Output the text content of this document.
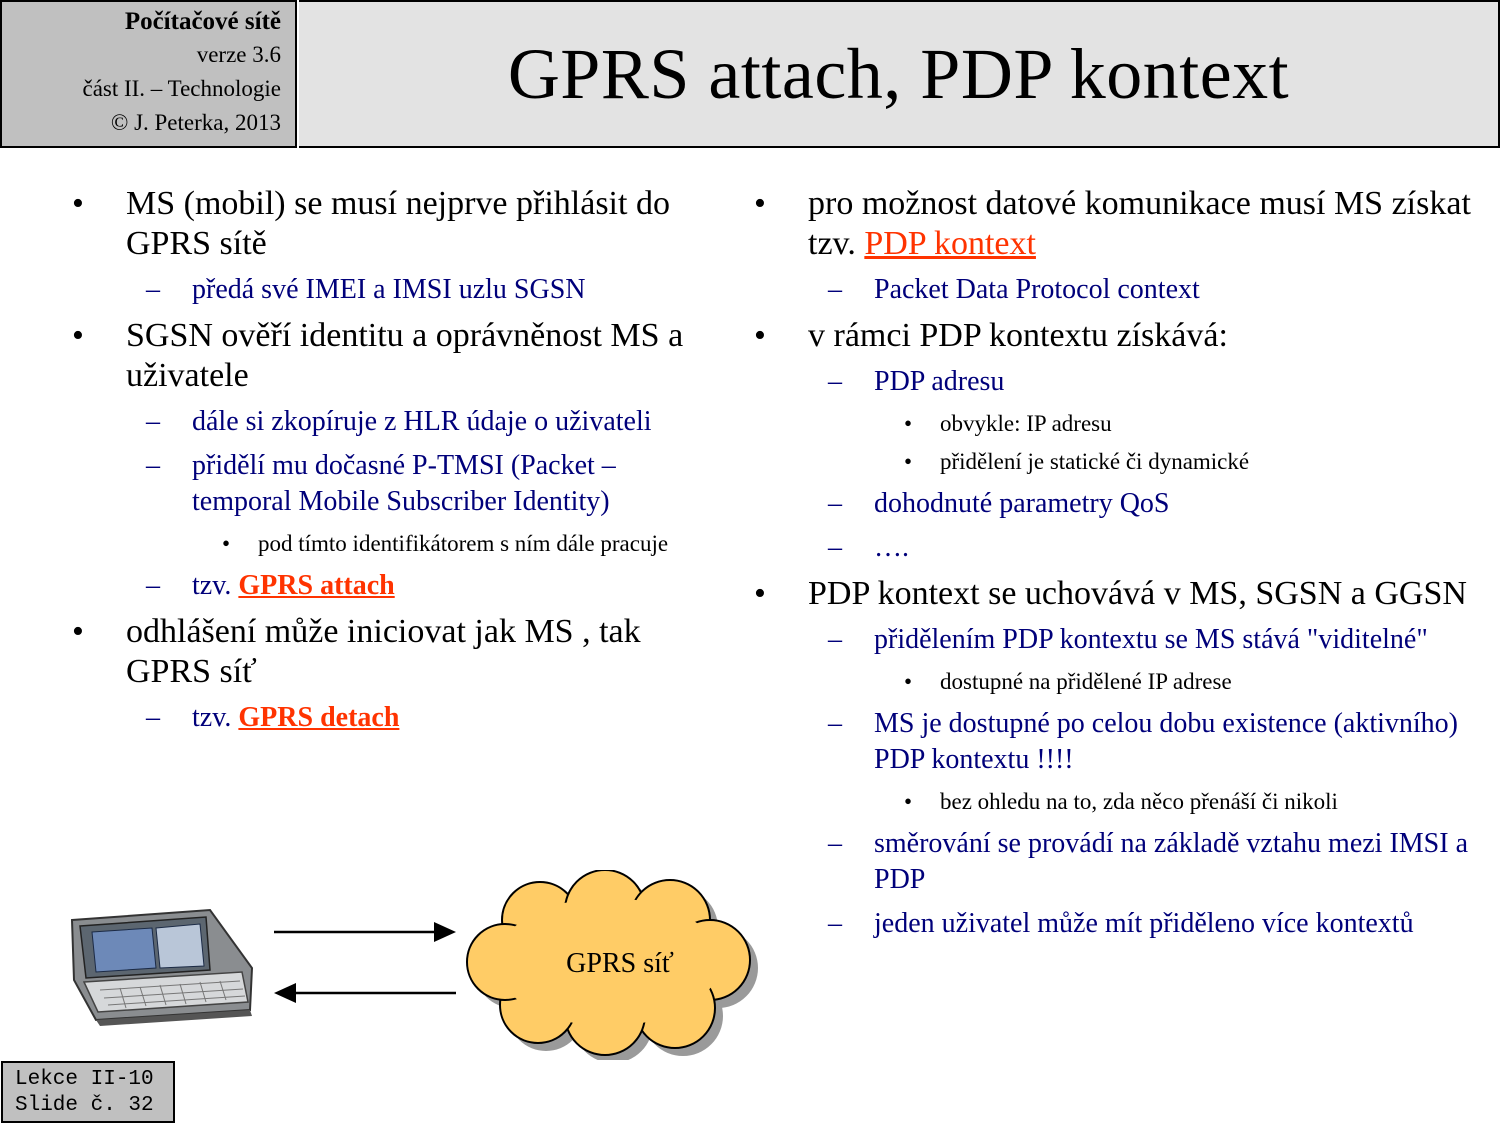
Počítačové sítě
verze 3.6
část II. – Technologie
© J. Peterka, 2013
GPRS attach, PDP kontext
• MS (mobil) se musí nejprve přihlásit do GPRS sítě
– předá své IMEI a IMSI uzlu SGSN
• SGSN ověří identitu a oprávněnost MS a uživatele
– dále si zkopíruje z HLR údaje o uživateli
– přidělí mu dočasné P-TMSI (Packet – temporal Mobile Subscriber Identity)
• pod tímto identifikátorem s ním dále pracuje
– tzv. GPRS attach
• odhlášení může iniciovat jak MS , tak GPRS síť
– tzv. GPRS detach
• pro možnost datové komunikace musí MS získat tzv. PDP kontext
– Packet Data Protocol context
• v rámci PDP kontextu získává:
– PDP adresu
• obvykle: IP adresu
• přidělení je statické či dynamické
– dohodnuté parametry QoS
– ….
• PDP kontext se uchovává v MS, SGSN a GGSN
– přidělením PDP kontextu se MS stává "viditelné"
• dostupné na přidělené IP adrese
– MS je dostupné po celou dobu existence (aktivního) PDP kontextu !!!!
• bez ohledu na to, zda něco přenáší či nikoli
– směrování se provádí na základě vztahu mezi IMSI a PDP
– jeden uživatel může mít přiděleno více kontextů
GPRS síť
Lekce II-10
Slide č. 32
